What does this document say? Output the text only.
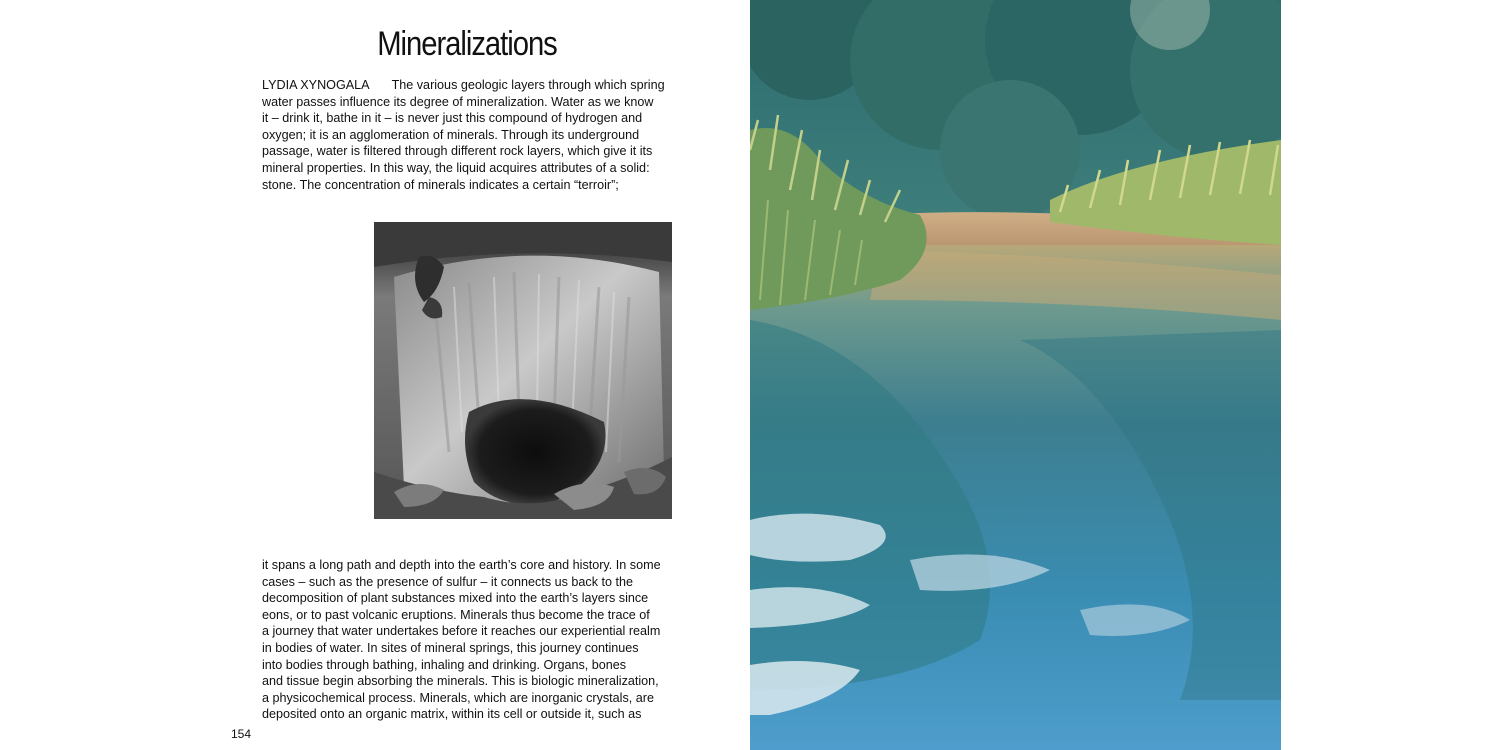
Mineralizations

LYDIA XYNOGALA The various geologic layers through which spring
water passes influence its degree of mineralization. Water as we know
it – drink it, bathe in it – is never just this compound of hydrogen and
oxygen; it is an agglomeration of minerals. Through its underground
passage, water is filtered through different rock layers, which give it its
mineral properties. In this way, the liquid acquires attributes of a solid:
stone. The concentration of minerals indicates a certain “terroir”;

it spans a long path and depth into the earth’s core and history. In some
cases – such as the presence of sulfur – it connects us back to the
decomposition of plant substances mixed into the earth’s layers since
eons, or to past volcanic eruptions. Minerals thus become the trace of
a journey that water undertakes before it reaches our experiential realm
in bodies of water. In sites of mineral springs, this journey continues
into bodies through bathing, inhaling and drinking. Organs, bones
and tissue begin absorbing the minerals. This is biologic mineralization,
a physicochemical process. Minerals, which are inorganic crystals, are
deposited onto an organic matrix, within its cell or outside it, such as

154
